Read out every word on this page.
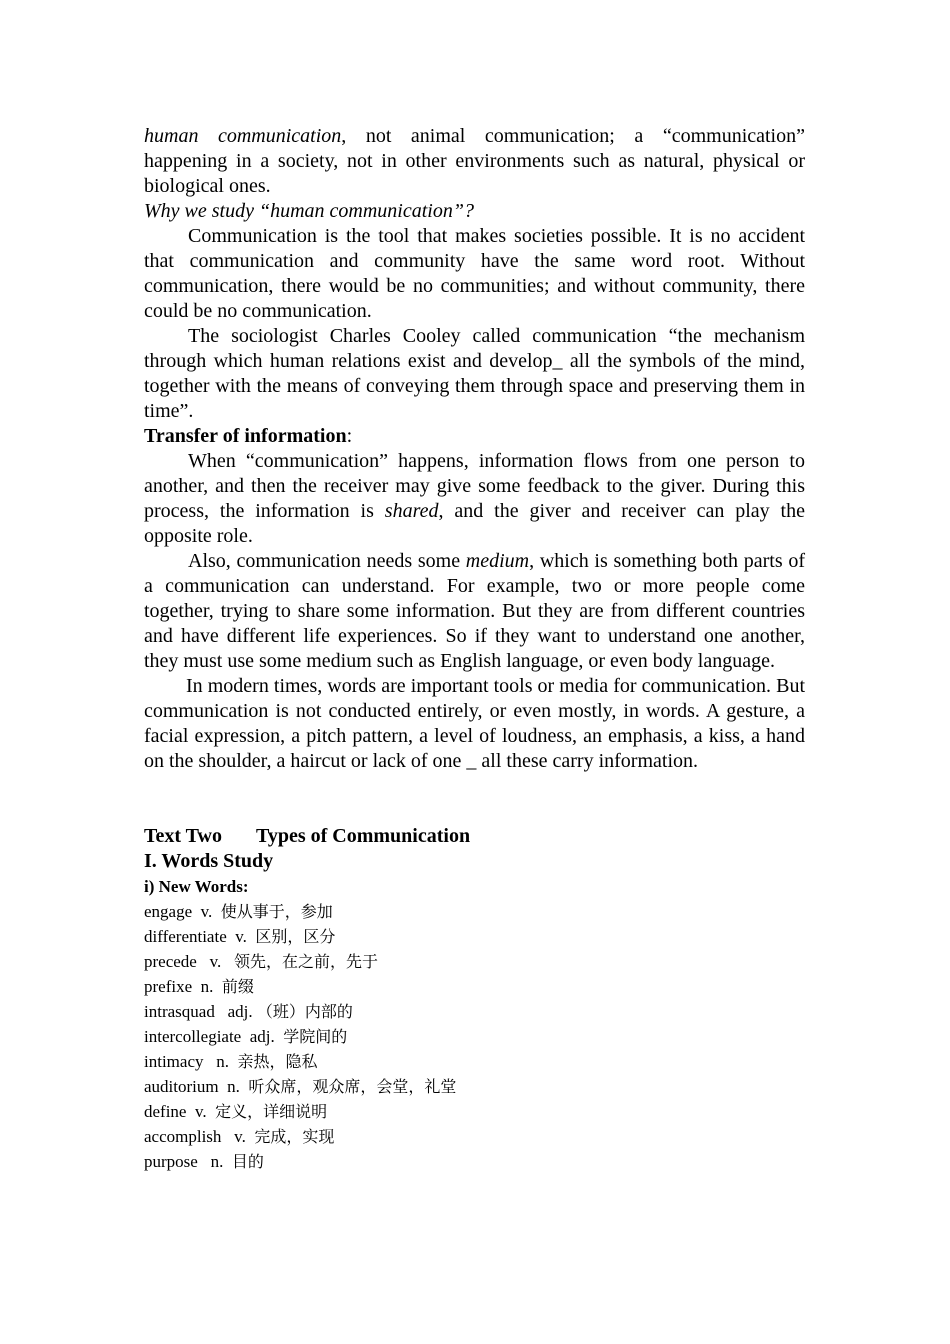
human communication, not animal communication; a “communication” happening in a society, not in other environments such as natural, physical or biological ones.

Why we study “human communication”?

Communication is the tool that makes societies possible. It is no accident that communication and community have the same word root. Without communication, there would be no communities; and without community, there could be no communication.

The sociologist Charles Cooley called communication “the mechanism through which human relations exist and develop_ all the symbols of the mind, together with the means of conveying them through space and preserving them in time”.

Transfer of information:

When “communication” happens, information flows from one person to another, and then the receiver may give some feedback to the giver. During this process, the information is shared, and the giver and receiver can play the opposite role.

Also, communication needs some medium, which is something both parts of a communication can understand. For example, two or more people come together, trying to share some information. But they are from different countries and have different life experiences. So if they want to understand one another, they must use some medium such as English language, or even body language.

In modern times, words are important tools or media for communication. But communication is not conducted entirely, or even mostly, in words. A gesture, a facial expression, a pitch pattern, a level of loudness, an emphasis, a kiss, a hand on the shoulder, a haircut or lack of one _ all these carry information.

Text Two Types of Communication

I. Words Study

i) New Words:

engage  v.  使从事于，参加

differentiate  v.  区别，区分

precede   v.   领先，在之前，先于

prefixe  n.  前缀

intrasquad   adj. （班）内部的

intercollegiate  adj.  学院间的

intimacy   n.  亲热，隐私

auditorium  n.  听众席，观众席，会堂，礼堂

define  v.  定义，详细说明

accomplish   v.  完成，实现

purpose   n.  目的
